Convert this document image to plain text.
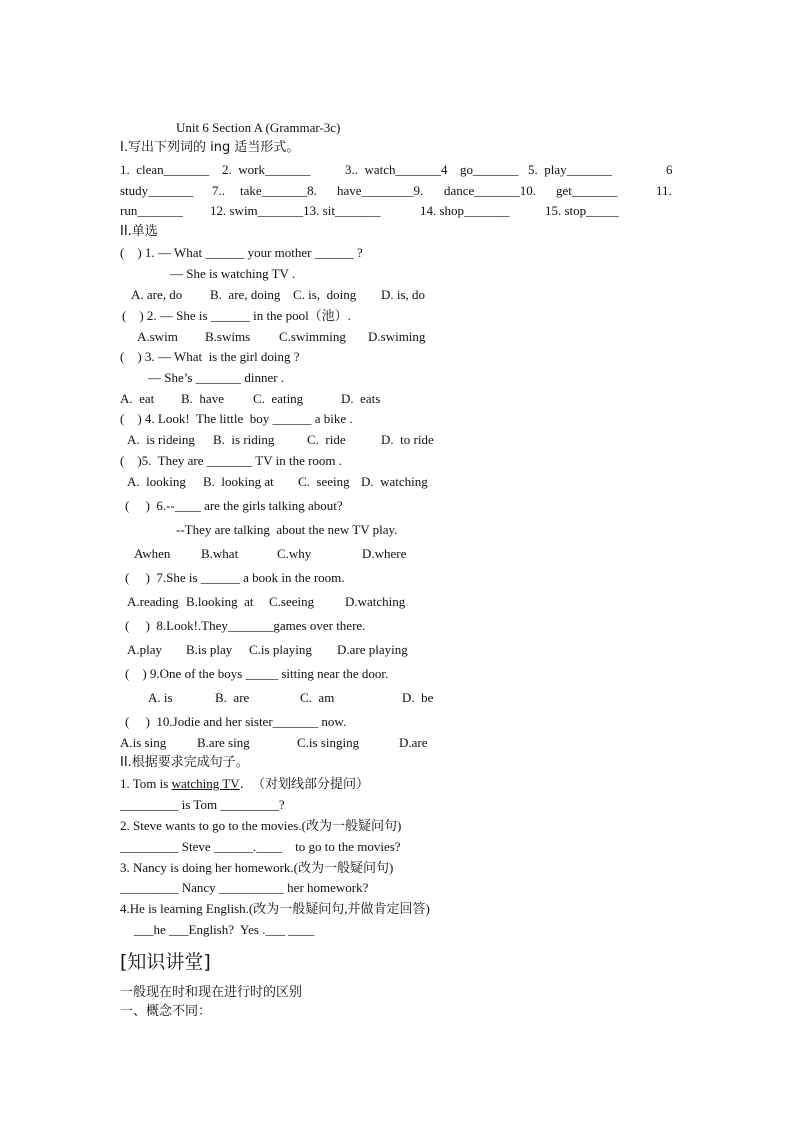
Unit 6 Section A (Grammar-3c)
I.写出下列词的 ing 适当形式。
1.  clean_______ 2.  work_______	3..  watch_______4 go_______ 5.  play_______	6
study_______ 7.. take_______8. have________9. dance_______10. get_______	11.
run_______ 12. swim_______13. sit_______	14. shop_______	15. stop_____
II.单选
(    ) 1. — What ______ your mother ______ ?
— She is watching TV .
A. are, do B.  are, doing C. is,  doing D. is, do
(    ) 2. — She is ______ in the pool（池）.
A.swim B.swims C.swimming D.swiming
(    ) 3. — What  is the girl doing ?
— She’s _______ dinner .
A.  eat B.  have C.  eating	D.  eats
(    ) 4. Look!  The little  boy ______ a bike .
A.  is rideing B.  is riding	C.  ride	D.  to ride
(    )5.  They are _______ TV in the room .
A.  looking B.  looking at C.  seeing D.  watching
(     )  6.--____ are the girls talking about?
--They are talking  about the new TV play.
Awhen B.what	C.why	D.where
(     )  7.She is ______ a book in the room.
A.reading B.looking  at C.seeing D.watching
(     )  8.Look!.They_______games over there.
A.play B.is play C.is playing D.are playing
(    ) 9.One of the boys _____ sitting near the door.
A. is	B.  are	C.  am	D.  be
(     )  10.Jodie and her sister_______ now.
A.is sing B.are sing	C.is singing	D.are
II.根据要求完成句子。
1. Tom is watching TV.  （对划线部分提问）
_________ is Tom _________?
2. Steve wants to go to the movies.(改为一般疑问句)
_________ Steve ______.____    to go to the movies?
3. Nancy is doing her homework.(改为一般疑问句)
_________ Nancy __________ her homework?
4.He is learning English.(改为一般疑问句,并做肯定回答)
___he ___English?  Yes .___ ____
[知识讲堂]
一般现在时和现在进行时的区别
一、概念不同：
